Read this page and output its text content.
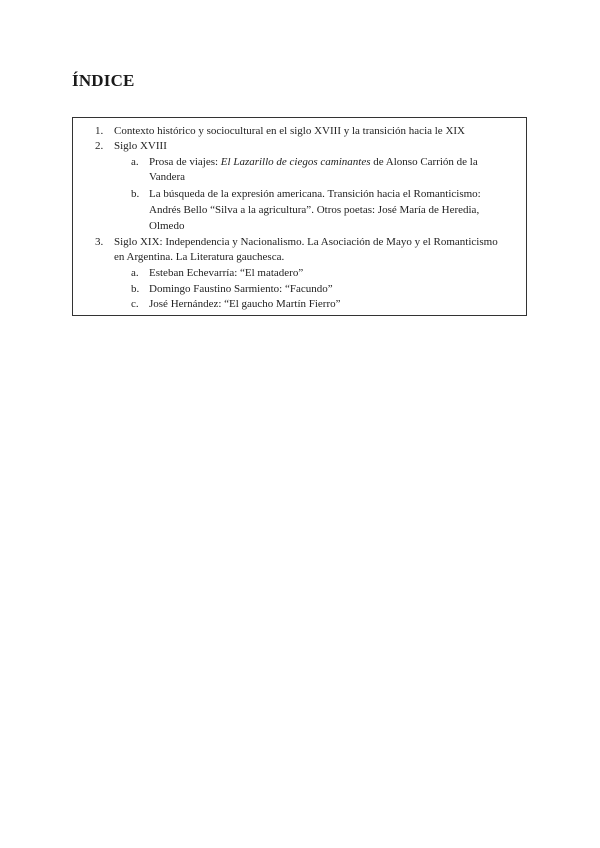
ÍNDICE
1. Contexto histórico y sociocultural en el siglo XVIII y la transición hacia le XIX
2. Siglo XVIII
a. Prosa de viajes: El Lazarillo de ciegos caminantes de Alonso Carrión de la
Vandera
b. La búsqueda de la expresión americana. Transición hacia el Romanticismo:
Andrés Bello “Silva a la agricultura”. Otros poetas: José María de Heredia,
Olmedo
3. Siglo XIX: Independencia y Nacionalismo. La Asociación de Mayo y el Romanticismo
en Argentina. La Literatura gauchesca.
a. Esteban Echevarría: “El matadero”
b. Domingo Faustino Sarmiento: “Facundo”
c. José Hernández: “El gaucho Martín Fierro”
